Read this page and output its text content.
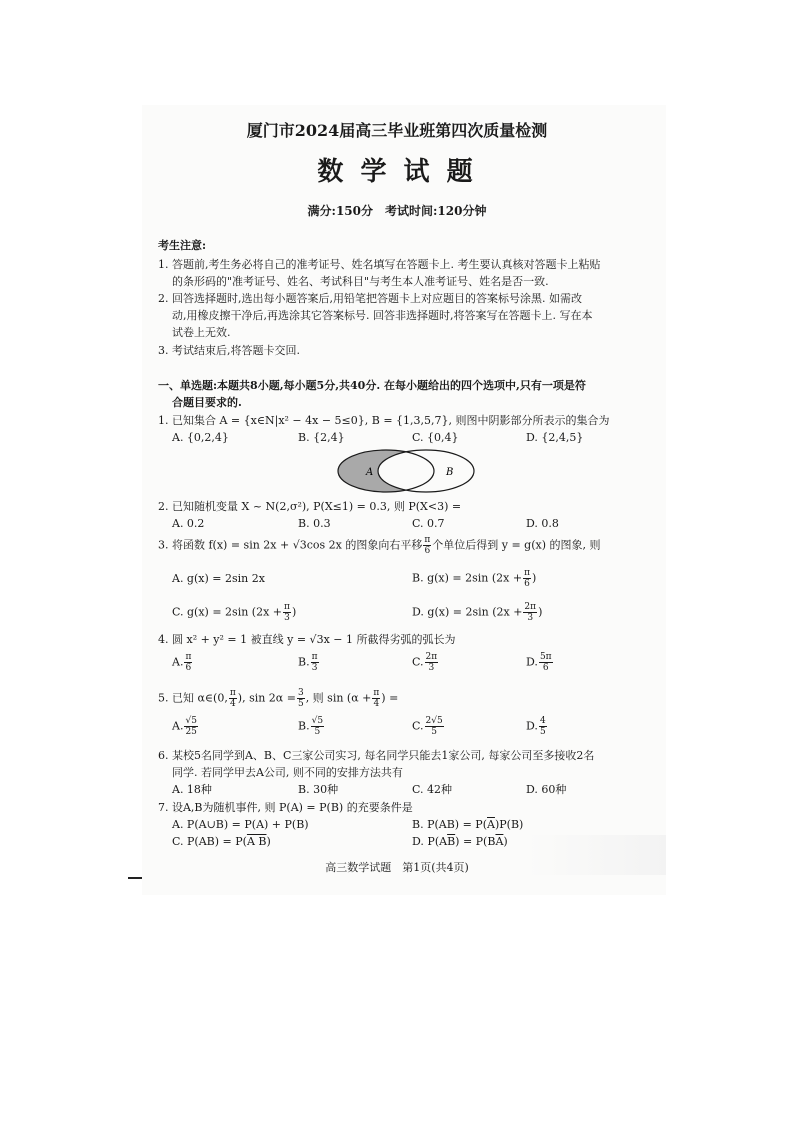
厦门市2024届高三毕业班第四次质量检测
数 学 试 题
满分:150分　考试时间:120分钟
考生注意:
1. 答题前,考生务必将自己的准考证号、姓名填写在答题卡上. 考生要认真核对答题卡上粘贴
的条形码的"准考证号、姓名、考试科目"与考生本人准考证号、姓名是否一致.
2. 回答选择题时,选出每小题答案后,用铅笔把答题卡上对应题目的答案标号涂黑. 如需改
动,用橡皮擦干净后,再选涂其它答案标号. 回答非选择题时,将答案写在答题卡上. 写在本
试卷上无效.
3. 考试结束后,将答题卡交回.
一、单选题:本题共8小题,每小题5分,共40分. 在每小题给出的四个选项中,只有一项是符
合题目要求的.
1. 已知集合 A = {x∈N|x² − 4x − 5≤0}, B = {1,3,5,7}, 则图中阴影部分所表示的集合为
A. {0,2,4}	B. {2,4}	C. {0,4}	D. {2,4,5}
A	B
2. 已知随机变量 X ~ N(2,σ²), P(X≤1) = 0.3, 则 P(X<3) =
A. 0.2	B. 0.3	C. 0.7	D. 0.8
3. 将函数 f(x) = sin 2x + √3cos 2x 的图象向右平移 $\frac{\pi}{6}$ 个单位后得到 y = g(x) 的图象, 则
A. g(x) = 2sin 2x	B. g(x) = 2sin ($2x + \frac{\pi}{6}$ )
C. g(x) = 2sin ($2x + \frac{\pi}{3}$ )	D. g(x) = 2sin ($2x + \frac{2\pi}{3}$ )
4. 圆 x² + y² = 1 被直线 y = √3x − 1 所截得劣弧的弧长为
A. $\frac{\pi}{6}$	B. $\frac{\pi}{3}$	C. $\frac{2\pi}{3}$	D. $\frac{5\pi}{6}$
5. 已知 α∈(0, $\frac{\pi}{4}$ ), $\sin 2\alpha = \frac{3}{5}$ , 则 $\sin (\alpha + \frac{\pi}{4}$ ) =
A. $\frac{√5}{25}$	B. $\frac{√5}{5}$	C. $\frac{2√5}{5}$	D. $\frac{4}{5}$
6. 某校5名同学到A、B、C三家公司实习, 每名同学只能去1家公司, 每家公司至多接收2名
同学. 若同学甲去A公司, 则不同的安排方法共有
A. 18种	B. 30种	C. 42种	D. 60种
7. 设A,B为随机事件, 则 P(A) = P(B) 的充要条件是
A. P(A∪B) = P(A) + P(B)	B. $P(AB) = P(\overline{A})P(B)$
C. P(AB) = P(A B)	D. $P(A\overline{B}) = P(B\overline{A})$
高三数学试题　第1页(共4页)
